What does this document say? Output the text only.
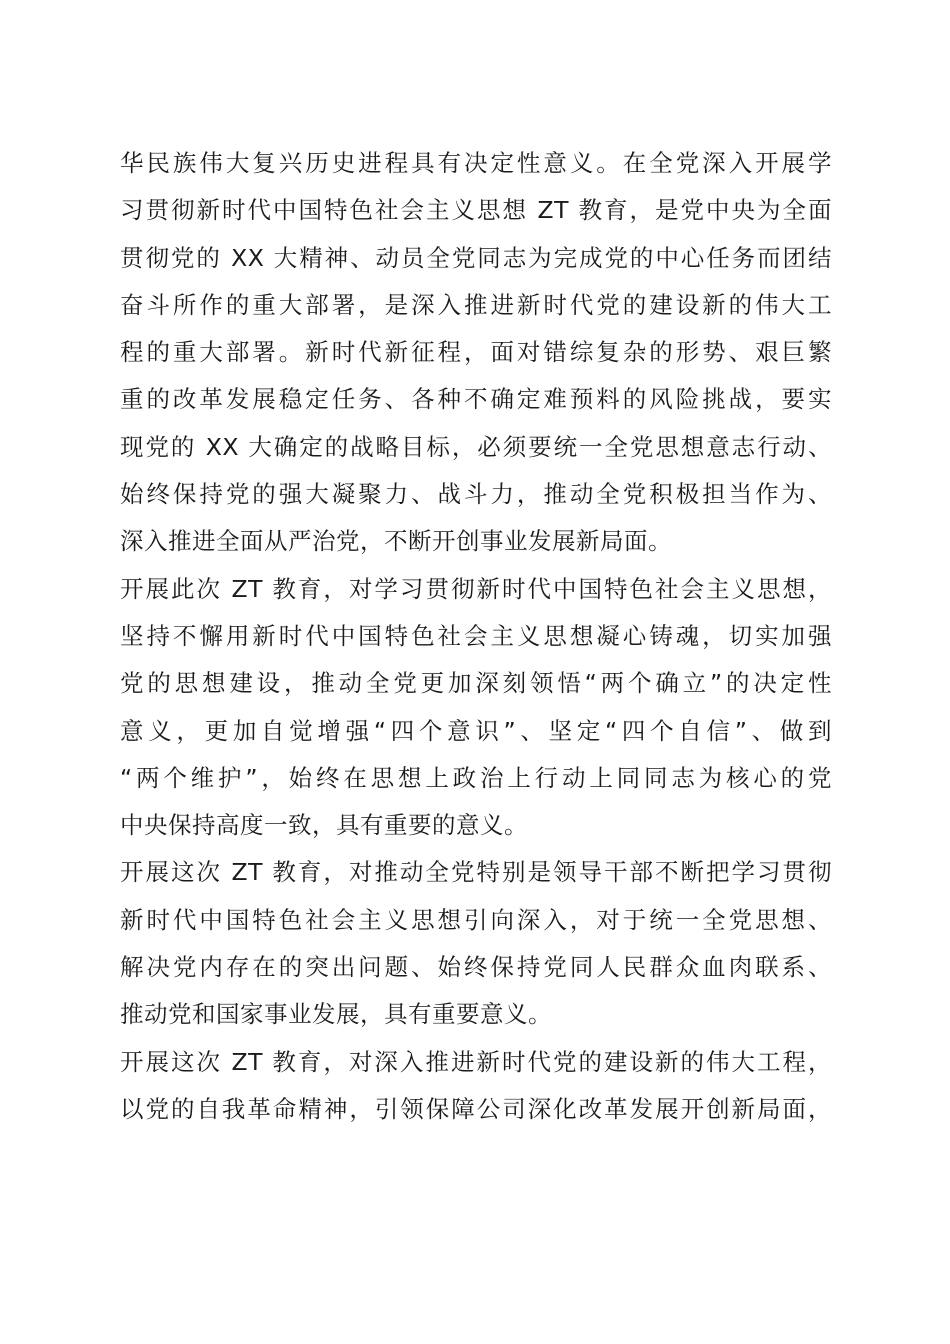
华民族伟大复兴历史进程具有决定性意义。在全党深入开展学
习贯彻新时代中国特色社会主义思想 ZT 教育，是党中央为全面
贯彻党的 XX 大精神、动员全党同志为完成党的中心任务而团结
奋斗所作的重大部署，是深入推进新时代党的建设新的伟大工
程的重大部署。新时代新征程，面对错综复杂的形势、艰巨繁
重的改革发展稳定任务、各种不确定难预料的风险挑战，要实
现党的 XX 大确定的战略目标，必须要统一全党思想意志行动、
始终保持党的强大凝聚力、战斗力，推动全党积极担当作为、
深入推进全面从严治党，不断开创事业发展新局面。
开展此次 ZT 教育，对学习贯彻新时代中国特色社会主义思想，
坚持不懈用新时代中国特色社会主义思想凝心铸魂，切实加强
党的思想建设，推动全党更加深刻领悟“两个确立”的决定性
意义，更加自觉增强“四个意识”、坚定“四个自信”、做到
“两个维护”，始终在思想上政治上行动上同同志为核心的党
中央保持高度一致，具有重要的意义。
开展这次 ZT 教育，对推动全党特别是领导干部不断把学习贯彻
新时代中国特色社会主义思想引向深入，对于统一全党思想、
解决党内存在的突出问题、始终保持党同人民群众血肉联系、
推动党和国家事业发展，具有重要意义。
开展这次 ZT 教育，对深入推进新时代党的建设新的伟大工程，
以党的自我革命精神，引领保障公司深化改革发展开创新局面，
